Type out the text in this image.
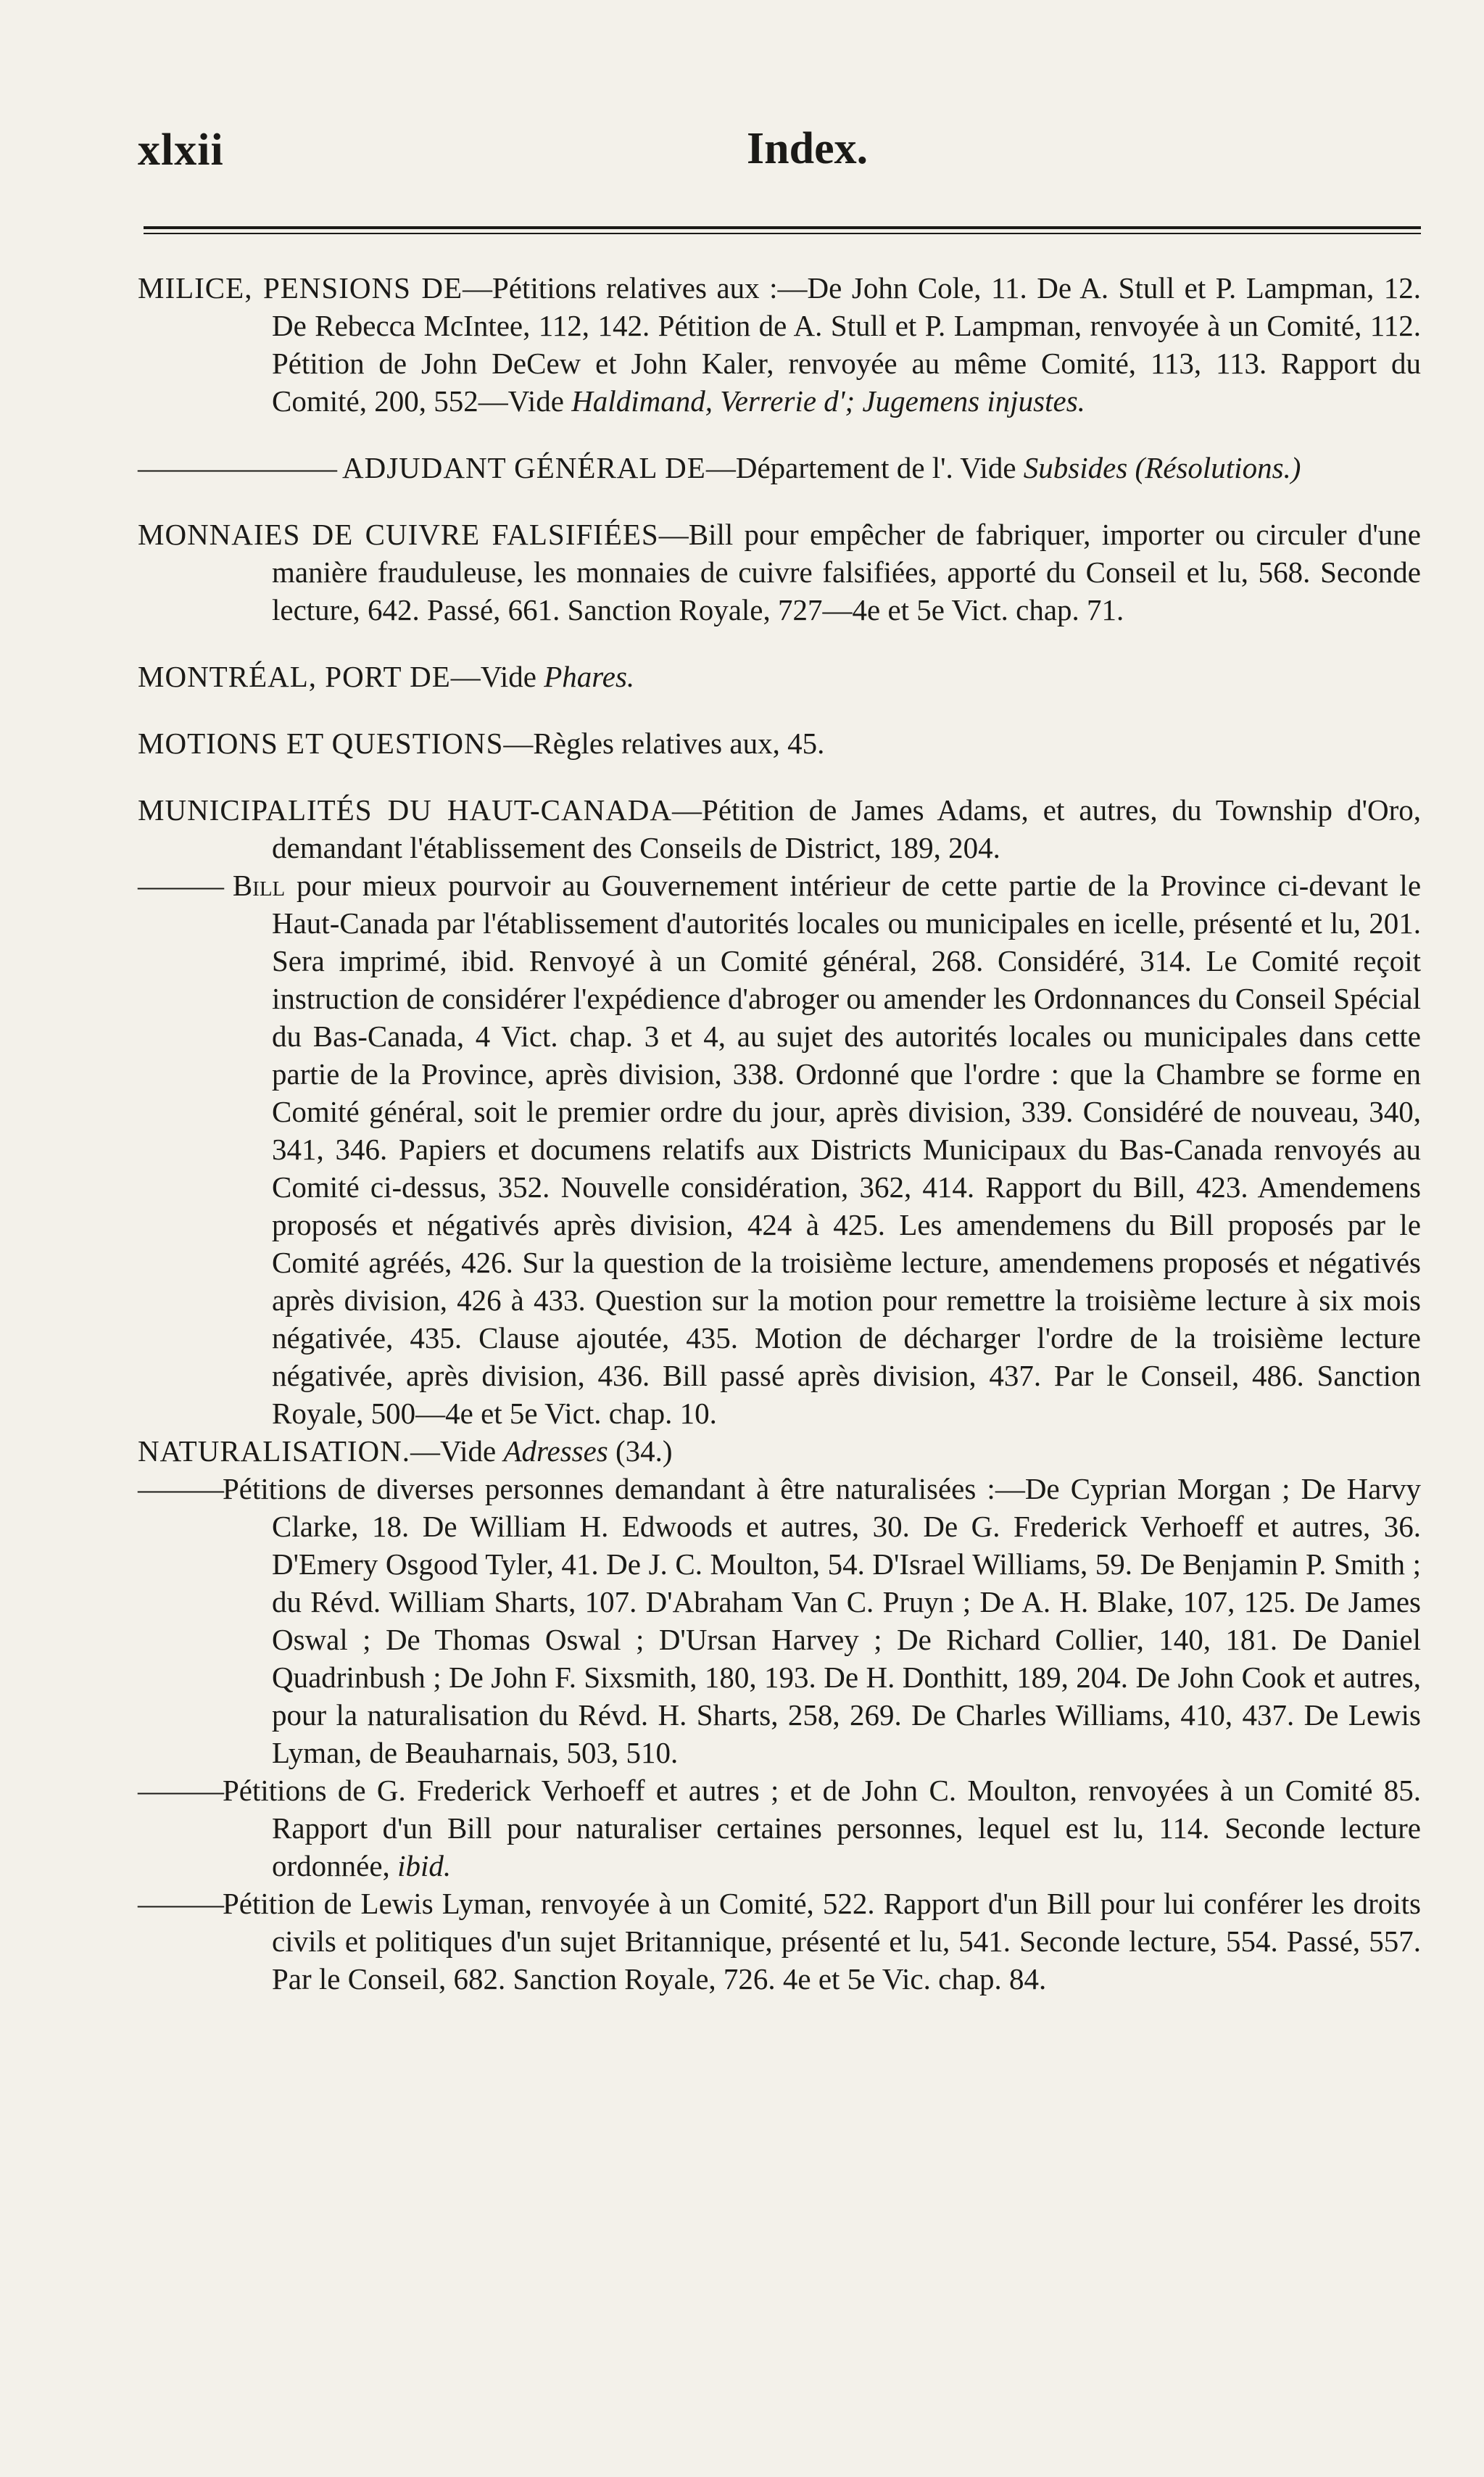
xlxii	Index.

MILICE, PENSIONS DE—Pétitions relatives aux :—De John Cole, 11. De A. Stull et P. Lampman, 12. De Rebecca McIntee, 112, 142. Pétition de A. Stull et P. Lampman, renvoyée à un Comité, 112. Pétition de John DeCew et John Kaler, renvoyée au même Comité, 113, 113. Rapport du Comité, 200, 552—Vide Haldimand, Verrerie d'; Jugemens injustes.

——————— ADJUDANT GÉNÉRAL DE—Département de l'. Vide Subsides (Résolutions.)

MONNAIES DE CUIVRE FALSIFIÉES—Bill pour empêcher de fabriquer, importer ou circuler d'une manière frauduleuse, les monnaies de cuivre falsifiées, apporté du Conseil et lu, 568. Seconde lecture, 642. Passé, 661. Sanction Royale, 727—4e et 5e Vict. chap. 71.

MONTRÉAL, PORT DE—Vide Phares.

MOTIONS ET QUESTIONS—Règles relatives aux, 45.

MUNICIPALITÉS DU HAUT-CANADA—Pétition de James Adams, et autres, du Township d'Oro, demandant l'établissement des Conseils de District, 189, 204.

——— Bill pour mieux pourvoir au Gouvernement intérieur de cette partie de la Province ci-devant le Haut-Canada par l'établissement d'autorités locales ou municipales en icelle, présenté et lu, 201. Sera imprimé, ibid. Renvoyé à un Comité général, 268. Considéré, 314. Le Comité reçoit instruction de considérer l'expédience d'abroger ou amender les Ordonnances du Conseil Spécial du Bas-Canada, 4 Vict. chap. 3 et 4, au sujet des autorités locales ou municipales dans cette partie de la Province, après division, 338. Ordonné que l'ordre : que la Chambre se forme en Comité général, soit le premier ordre du jour, après division, 339. Considéré de nouveau, 340, 341, 346. Papiers et documens relatifs aux Districts Municipaux du Bas-Canada renvoyés au Comité ci-dessus, 352. Nouvelle considération, 362, 414. Rapport du Bill, 423. Amendemens proposés et négativés après division, 424 à 425. Les amendemens du Bill proposés par le Comité agréés, 426. Sur la question de la troisième lecture, amendemens proposés et négativés après division, 426 à 433. Question sur la motion pour remettre la troisième lecture à six mois négativée, 435. Clause ajoutée, 435. Motion de décharger l'ordre de la troisième lecture négativée, après division, 436. Bill passé après division, 437. Par le Conseil, 486. Sanction Royale, 500—4e et 5e Vict. chap. 10.

NATURALISATION.—Vide Adresses (34.)

———Pétitions de diverses personnes demandant à être naturalisées :—De Cyprian Morgan ; De Harvy Clarke, 18. De William H. Edwoods et autres, 30. De G. Frederick Verhoeff et autres, 36. D'Emery Osgood Tyler, 41. De J. C. Moulton, 54. D'Israel Williams, 59. De Benjamin P. Smith ; du Révd. William Sharts, 107. D'Abraham Van C. Pruyn ; De A. H. Blake, 107, 125. De James Oswal ; De Thomas Oswal ; D'Ursan Harvey ; De Richard Collier, 140, 181. De Daniel Quadrinbush ; De John F. Sixsmith, 180, 193. De H. Donthitt, 189, 204. De John Cook et autres, pour la naturalisation du Révd. H. Sharts, 258, 269. De Charles Williams, 410, 437. De Lewis Lyman, de Beauharnais, 503, 510.

———Pétitions de G. Frederick Verhoeff et autres ; et de John C. Moulton, renvoyées à un Comité 85. Rapport d'un Bill pour naturaliser certaines personnes, lequel est lu, 114. Seconde lecture ordonnée, ibid.

———Pétition de Lewis Lyman, renvoyée à un Comité, 522. Rapport d'un Bill pour lui conférer les droits civils et politiques d'un sujet Britannique, présenté et lu, 541. Seconde lecture, 554. Passé, 557. Par le Conseil, 682. Sanction Royale, 726. 4e et 5e Vic. chap. 84.
